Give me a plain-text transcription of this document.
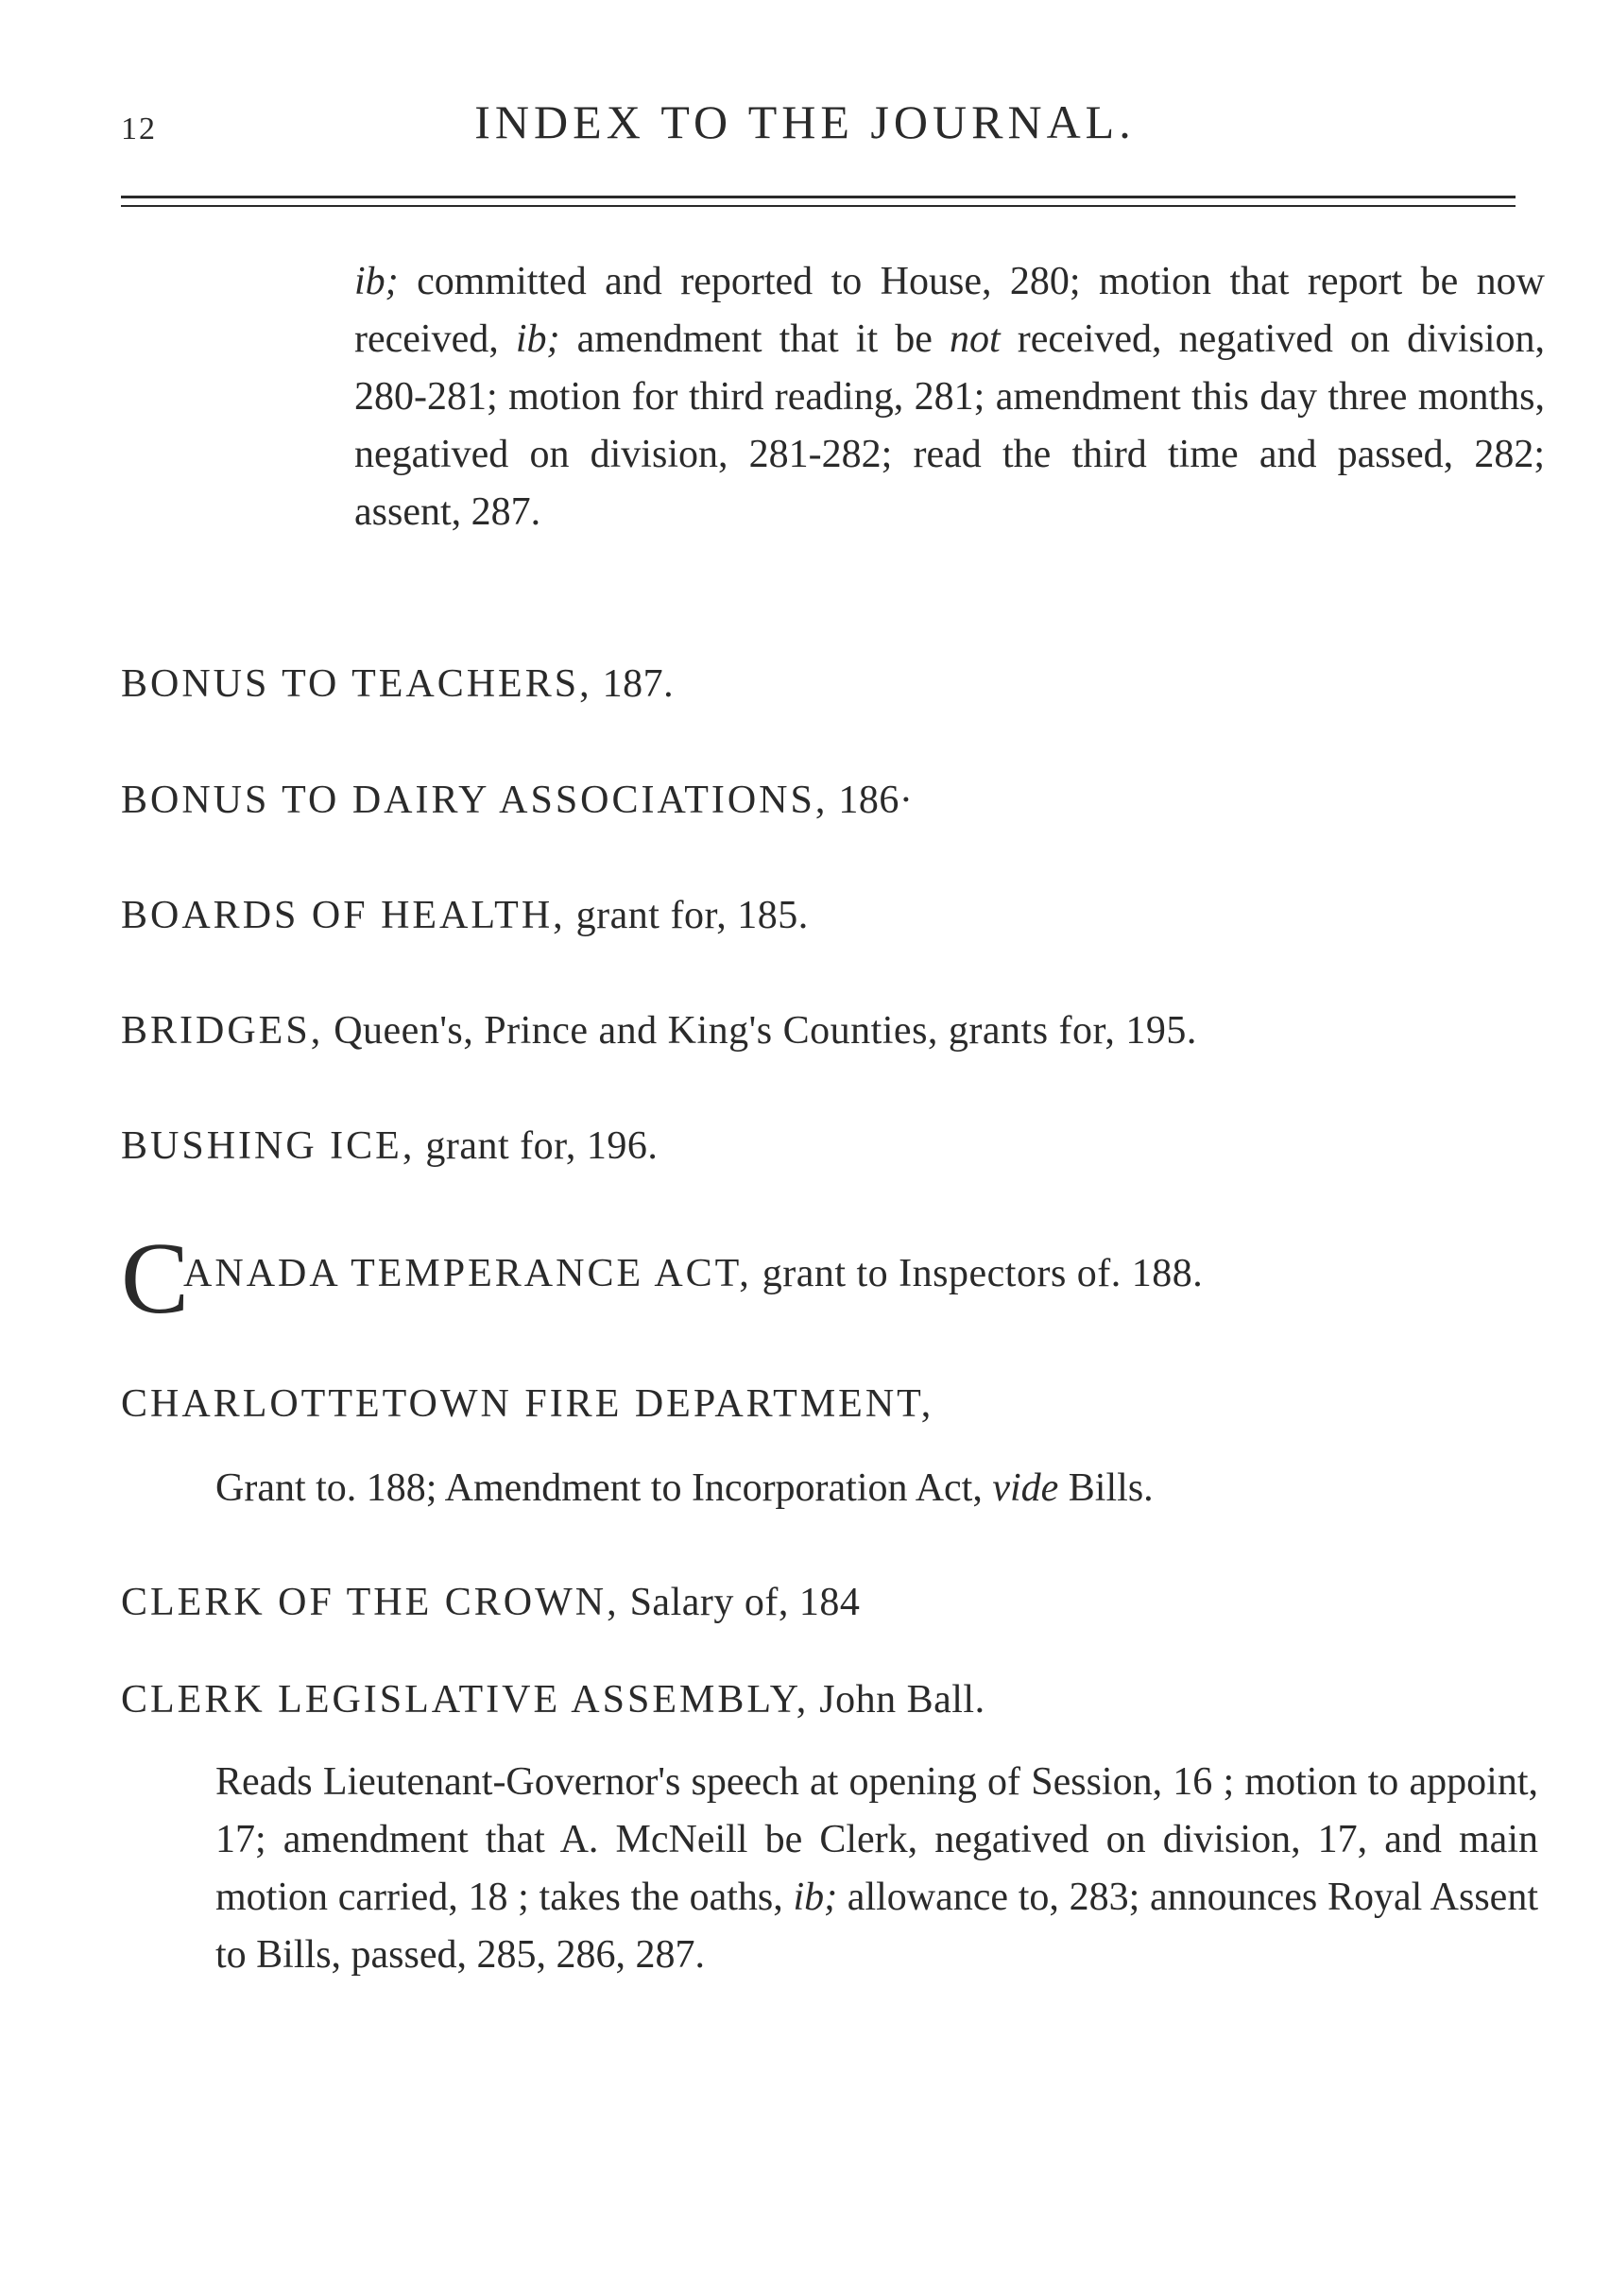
12	INDEX TO THE JOURNAL.
ib; committed and reported to House, 280; motion that report be now received, ib; amendment that it be not received, negatived on division, 280-281; motion for third reading, 281; amendment this day three months, negatived on division, 281-282; read the third time and passed, 282; assent, 287.
BONUS TO TEACHERS, 187.
BONUS TO DAIRY ASSOCIATIONS, 186·
BOARDS OF HEALTH, grant for, 185.
BRIDGES, Queen's, Prince and King's Counties, grants for, 195.
BUSHING ICE, grant for, 196.
CANADA TEMPERANCE ACT, grant to Inspectors of. 188.
CHARLOTTETOWN FIRE DEPARTMENT,
Grant to. 188; Amendment to Incorporation Act, vide Bills.
CLERK OF THE CROWN, Salary of, 184
CLERK LEGISLATIVE ASSEMBLY, John Ball.
Reads Lieutenant-Governor's speech at opening of Session, 16 ; motion to appoint, 17; amendment that A. McNeill be Clerk, negatived on division, 17, and main motion carried, 18 ; takes the oaths, ib; allowance to, 283; announces Royal Assent to Bills, passed, 285, 286, 287.
